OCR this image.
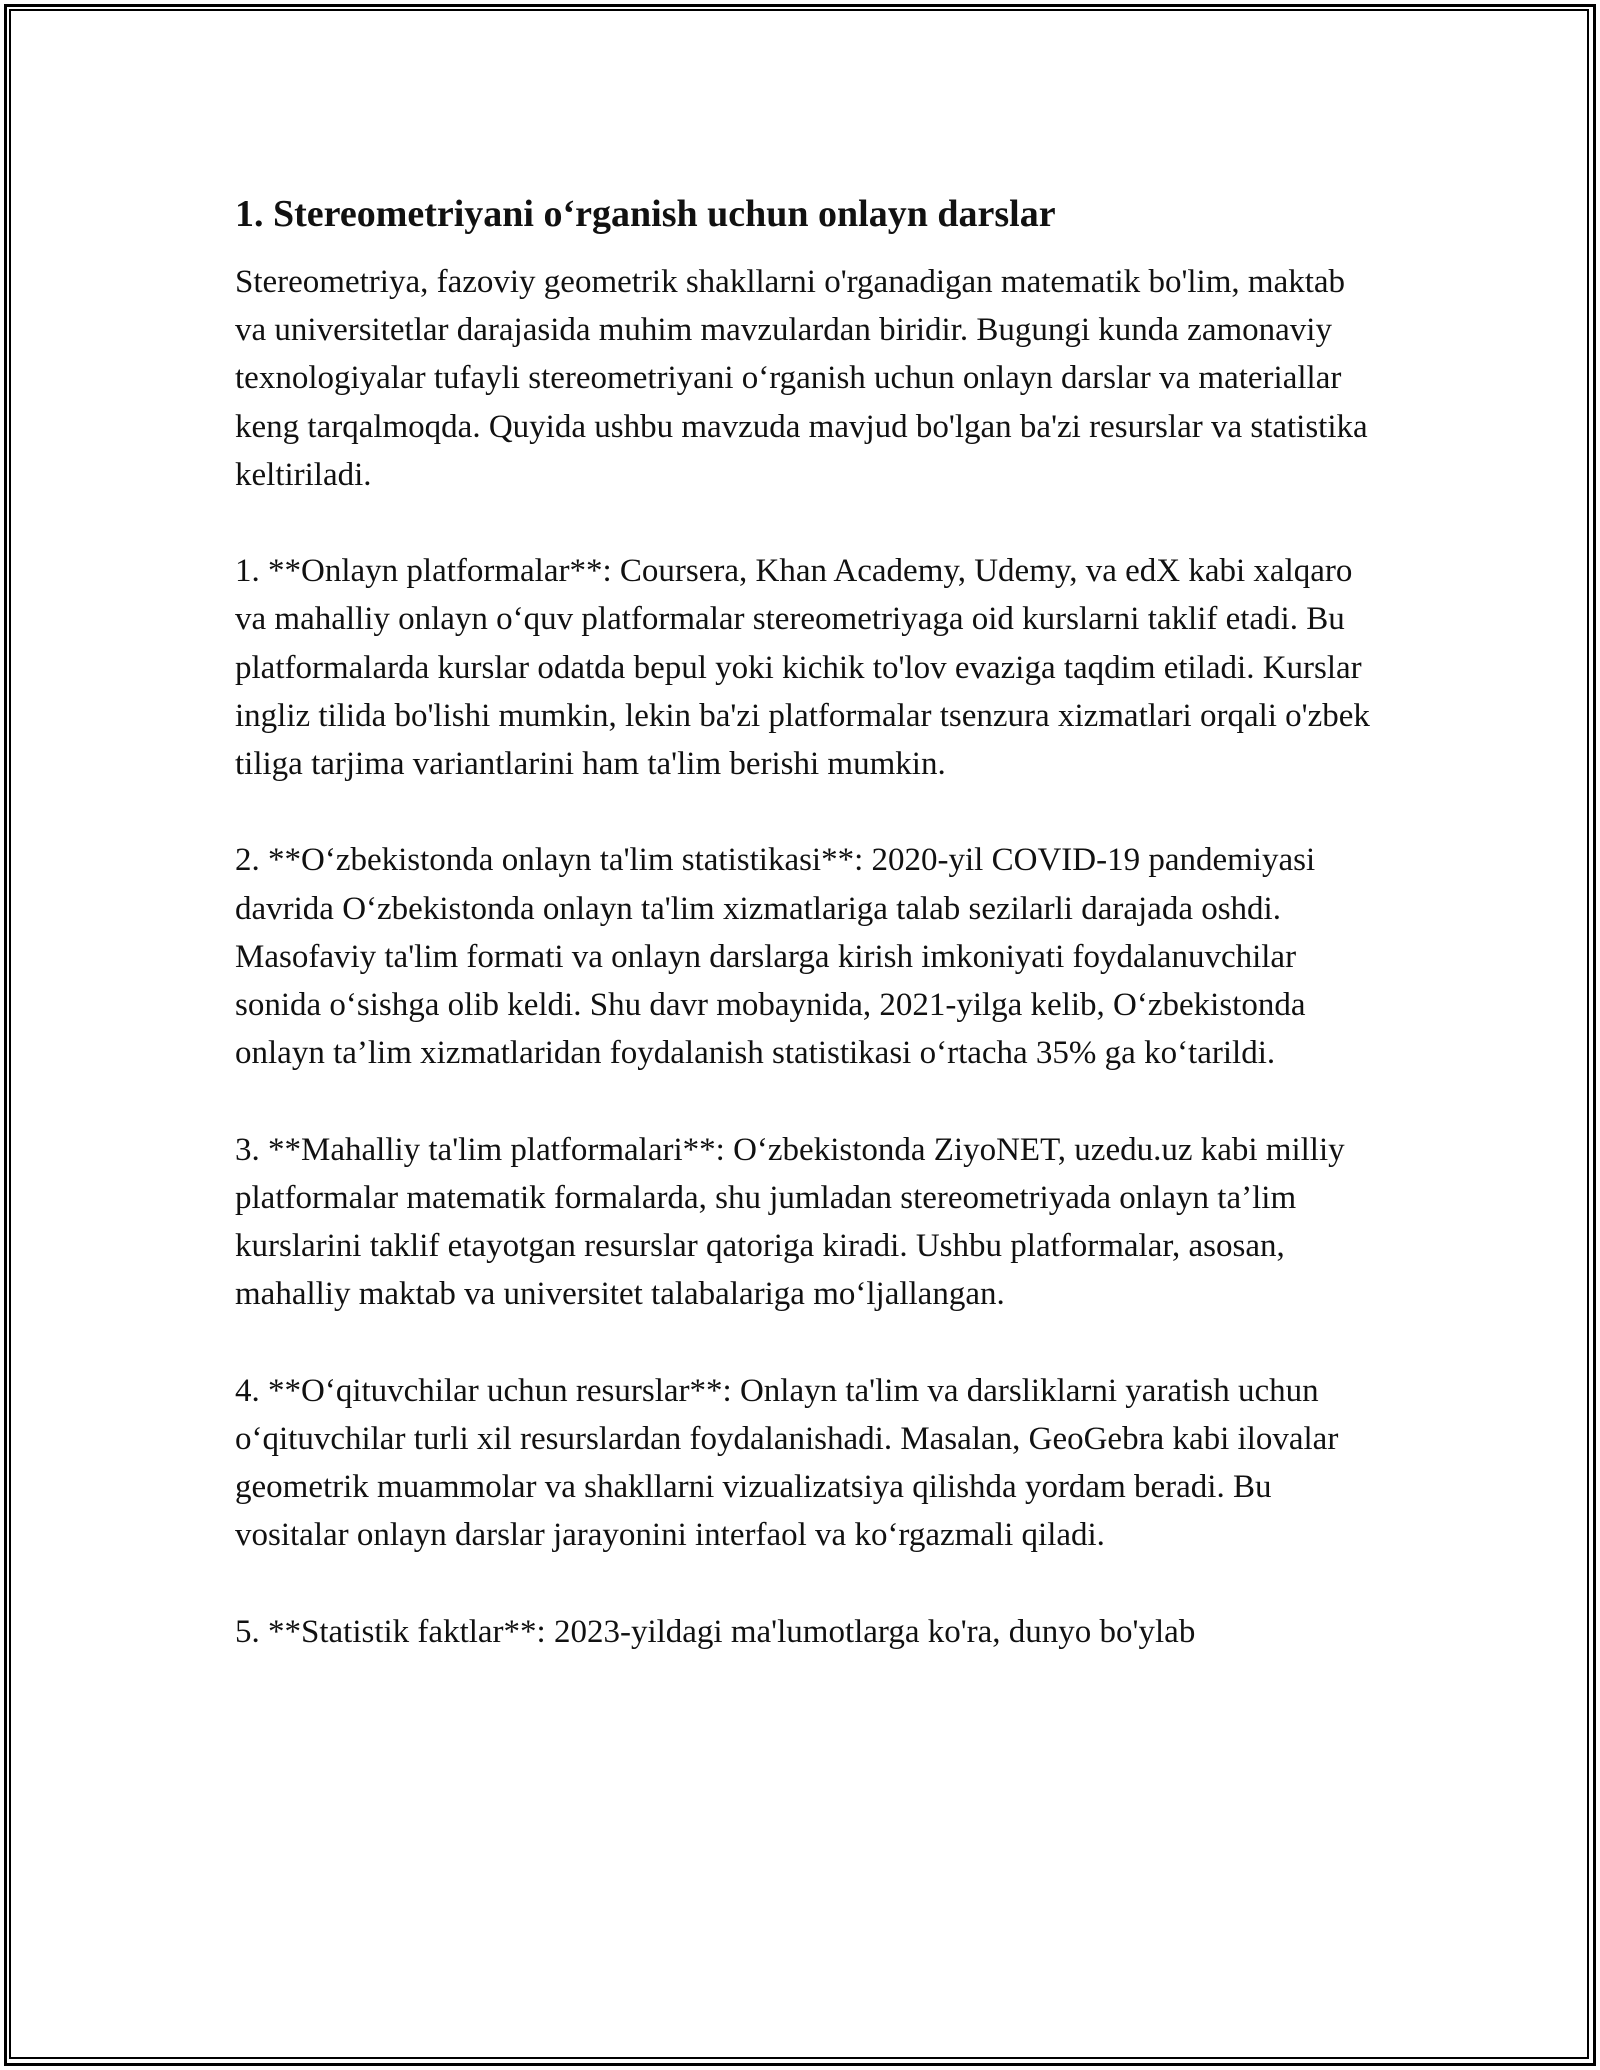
1. Stereometriyani o‘rganish uchun onlayn darslar

Stereometriya, fazoviy geometrik shakllarni o'rganadigan matematik bo'lim, maktab va universitetlar darajasida muhim mavzulardan biridir. Bugungi kunda zamonaviy texnologiyalar tufayli stereometriyani o‘rganish uchun onlayn darslar va materiallar keng tarqalmoqda. Quyida ushbu mavzuda mavjud bo'lgan ba'zi resurslar va statistika keltiriladi.

1. **Onlayn platformalar**: Coursera, Khan Academy, Udemy, va edX kabi xalqaro va mahalliy onlayn o‘quv platformalar stereometriyaga oid kurslarni taklif etadi. Bu platformalarda kurslar odatda bepul yoki kichik to'lov evaziga taqdim etiladi. Kurslar ingliz tilida bo'lishi mumkin, lekin ba'zi platformalar tsenzura xizmatlari orqali o'zbek tiliga tarjima variantlarini ham ta'lim berishi mumkin.

2. **O‘zbekistonda onlayn ta'lim statistikasi**: 2020-yil COVID-19 pandemiyasi davrida O‘zbekistonda onlayn ta'lim xizmatlariga talab sezilarli darajada oshdi. Masofaviy ta'lim formati va onlayn darslarga kirish imkoniyati foydalanuvchilar sonida o‘sishga olib keldi. Shu davr mobaynida, 2021-yilga kelib, O‘zbekistonda onlayn ta’lim xizmatlaridan foydalanish statistikasi o‘rtacha 35% ga ko‘tarildi.

3. **Mahalliy ta'lim platformalari**: O‘zbekistonda ZiyoNET, uzedu.uz kabi milliy platformalar matematik formalarda, shu jumladan stereometriyada onlayn ta’lim kurslarini taklif etayotgan resurslar qatoriga kiradi. Ushbu platformalar, asosan, mahalliy maktab va universitet talabalariga mo‘ljallangan.

4. **O‘qituvchilar uchun resurslar**: Onlayn ta'lim va darsliklarni yaratish uchun o‘qituvchilar turli xil resurslardan foydalanishadi. Masalan, GeoGebra kabi ilovalar geometrik muammolar va shakllarni vizualizatsiya qilishda yordam beradi. Bu vositalar onlayn darslar jarayonini interfaol va ko‘rgazmali qiladi.

5. **Statistik faktlar**: 2023-yildagi ma'lumotlarga ko'ra, dunyo bo'ylab
